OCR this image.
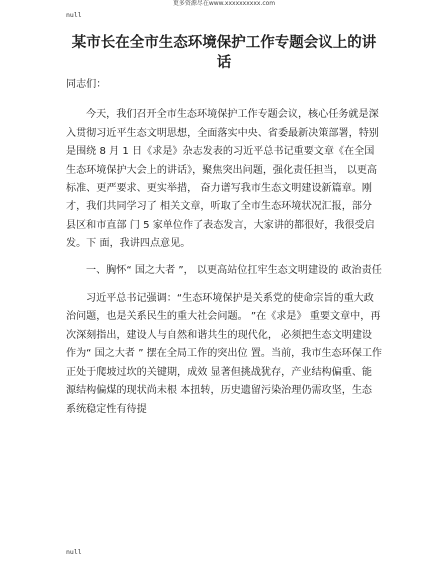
更多资源尽在www.xxxxxxxxxx.com
null
某市长在全市生态环境保护工作专题会议上的讲话

同志们：

今天，我们召开全市生态环境保护工作专题会议，核心任务就是深入贯彻习近平生态文明思想，全面落实中央、省委最新决策部署，特别是围绕 8 月 1 日《求是》杂志发表的习近平总书记重要文章《在全国生态环境保护大会上的讲话》，聚焦突出问题，强化责任担当， 以更高标准、更严要求、更实举措， 奋力谱写我市生态文明建设新篇章。刚才，我们共同学习了 相关文章，听取了全市生态环境状况汇报，部分县区和市直部 门 5 家单位作了表态发言，大家讲的都很好，我很受启发。下 面，我讲四点意见。

一、胸怀“ 国之大者 ”， 以更高站位扛牢生态文明建设的 政治责任

习近平总书记强调：“生态环境保护是关系党的使命宗旨的重大政治问题，也是关系民生的重大社会问题。 ”在《求是》 重要文章中，再次深刻指出，建设人与自然和谐共生的现代化， 必须把生态文明建设作为“ 国之大者 ” 摆在全局工作的突出位 置。当前，我市生态环保工作正处于爬坡过坎的关键期，成效 显著但挑战犹存，产业结构偏重、能源结构偏煤的现状尚未根 本扭转，历史遗留污染治理仍需攻坚，生态系统稳定性有待提

null
